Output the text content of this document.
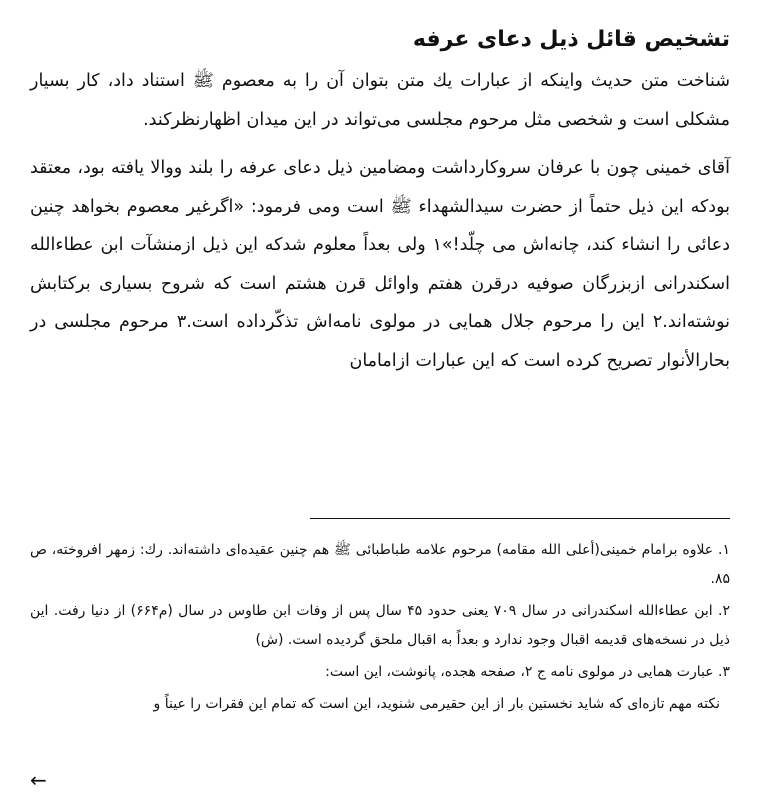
تشخیص قائل ذیل دعای عرفه

شناخت متن حدیث واینکه از عبارات یك متن بتوان آن را به معصوم ﷺ استناد داد، کار بسیار مشکلی است و شخصی مثل مرحوم مجلسی می‌تواند در این میدان اظهارنظرکند.

آقای خمینی چون با عرفان سروکارداشت ومضامین ذیل دعای عرفه را بلند ووالا یافته بود، معتقد بودکه این ذیل حتماً از حضرت سیدالشهداء ﷺ است ومی فرمود: «اگرغیر معصوم بخواهد چنین دعائی را انشاء کند، چانه‌اش می چلّد!»۱ ولی بعداً معلوم شدکه این ذیل ازمنشآت ابن عطاءالله اسکندرانی ازبزرگان صوفیه درقرن هفتم واوائل قرن هشتم است که شروح بسیاری برکتابش نوشته‌اند.۲ این را مرحوم جلال همایی در مولوی نامه‌اش تذکّرداده است.۳ مرحوم مجلسی در بحارالأنوار تصریح کرده است که این عبارات ازامامان

۱. علاوه برامام خمینی(أعلی الله مقامه) مرحوم علامه طباطبائی ﷺ هم چنین عقیده‌ای داشته‌اند. رك: زمهر افروخته، ص ۸۵.

۲. ابن عطاءالله اسکندرانی در سال ۷۰۹ یعنی حدود ۴۵ سال پس از وفات ابن طاوس در سال (م۶۶۴) از دنیا رفت. این ذیل در نسخه‌های قدیمه اقبال وجود ندارد و بعداً به اقبال ملحق گردیده است. (ش)

۳. عبارت همایی در مولوی نامه ج ۲، صفحه هجده، پانوشت، این است:

نکته مهم تازه‌ای که شاید نخستین بار از این حقیرمی شنوید، این است که تمام این فقرات را عیناً و

←
